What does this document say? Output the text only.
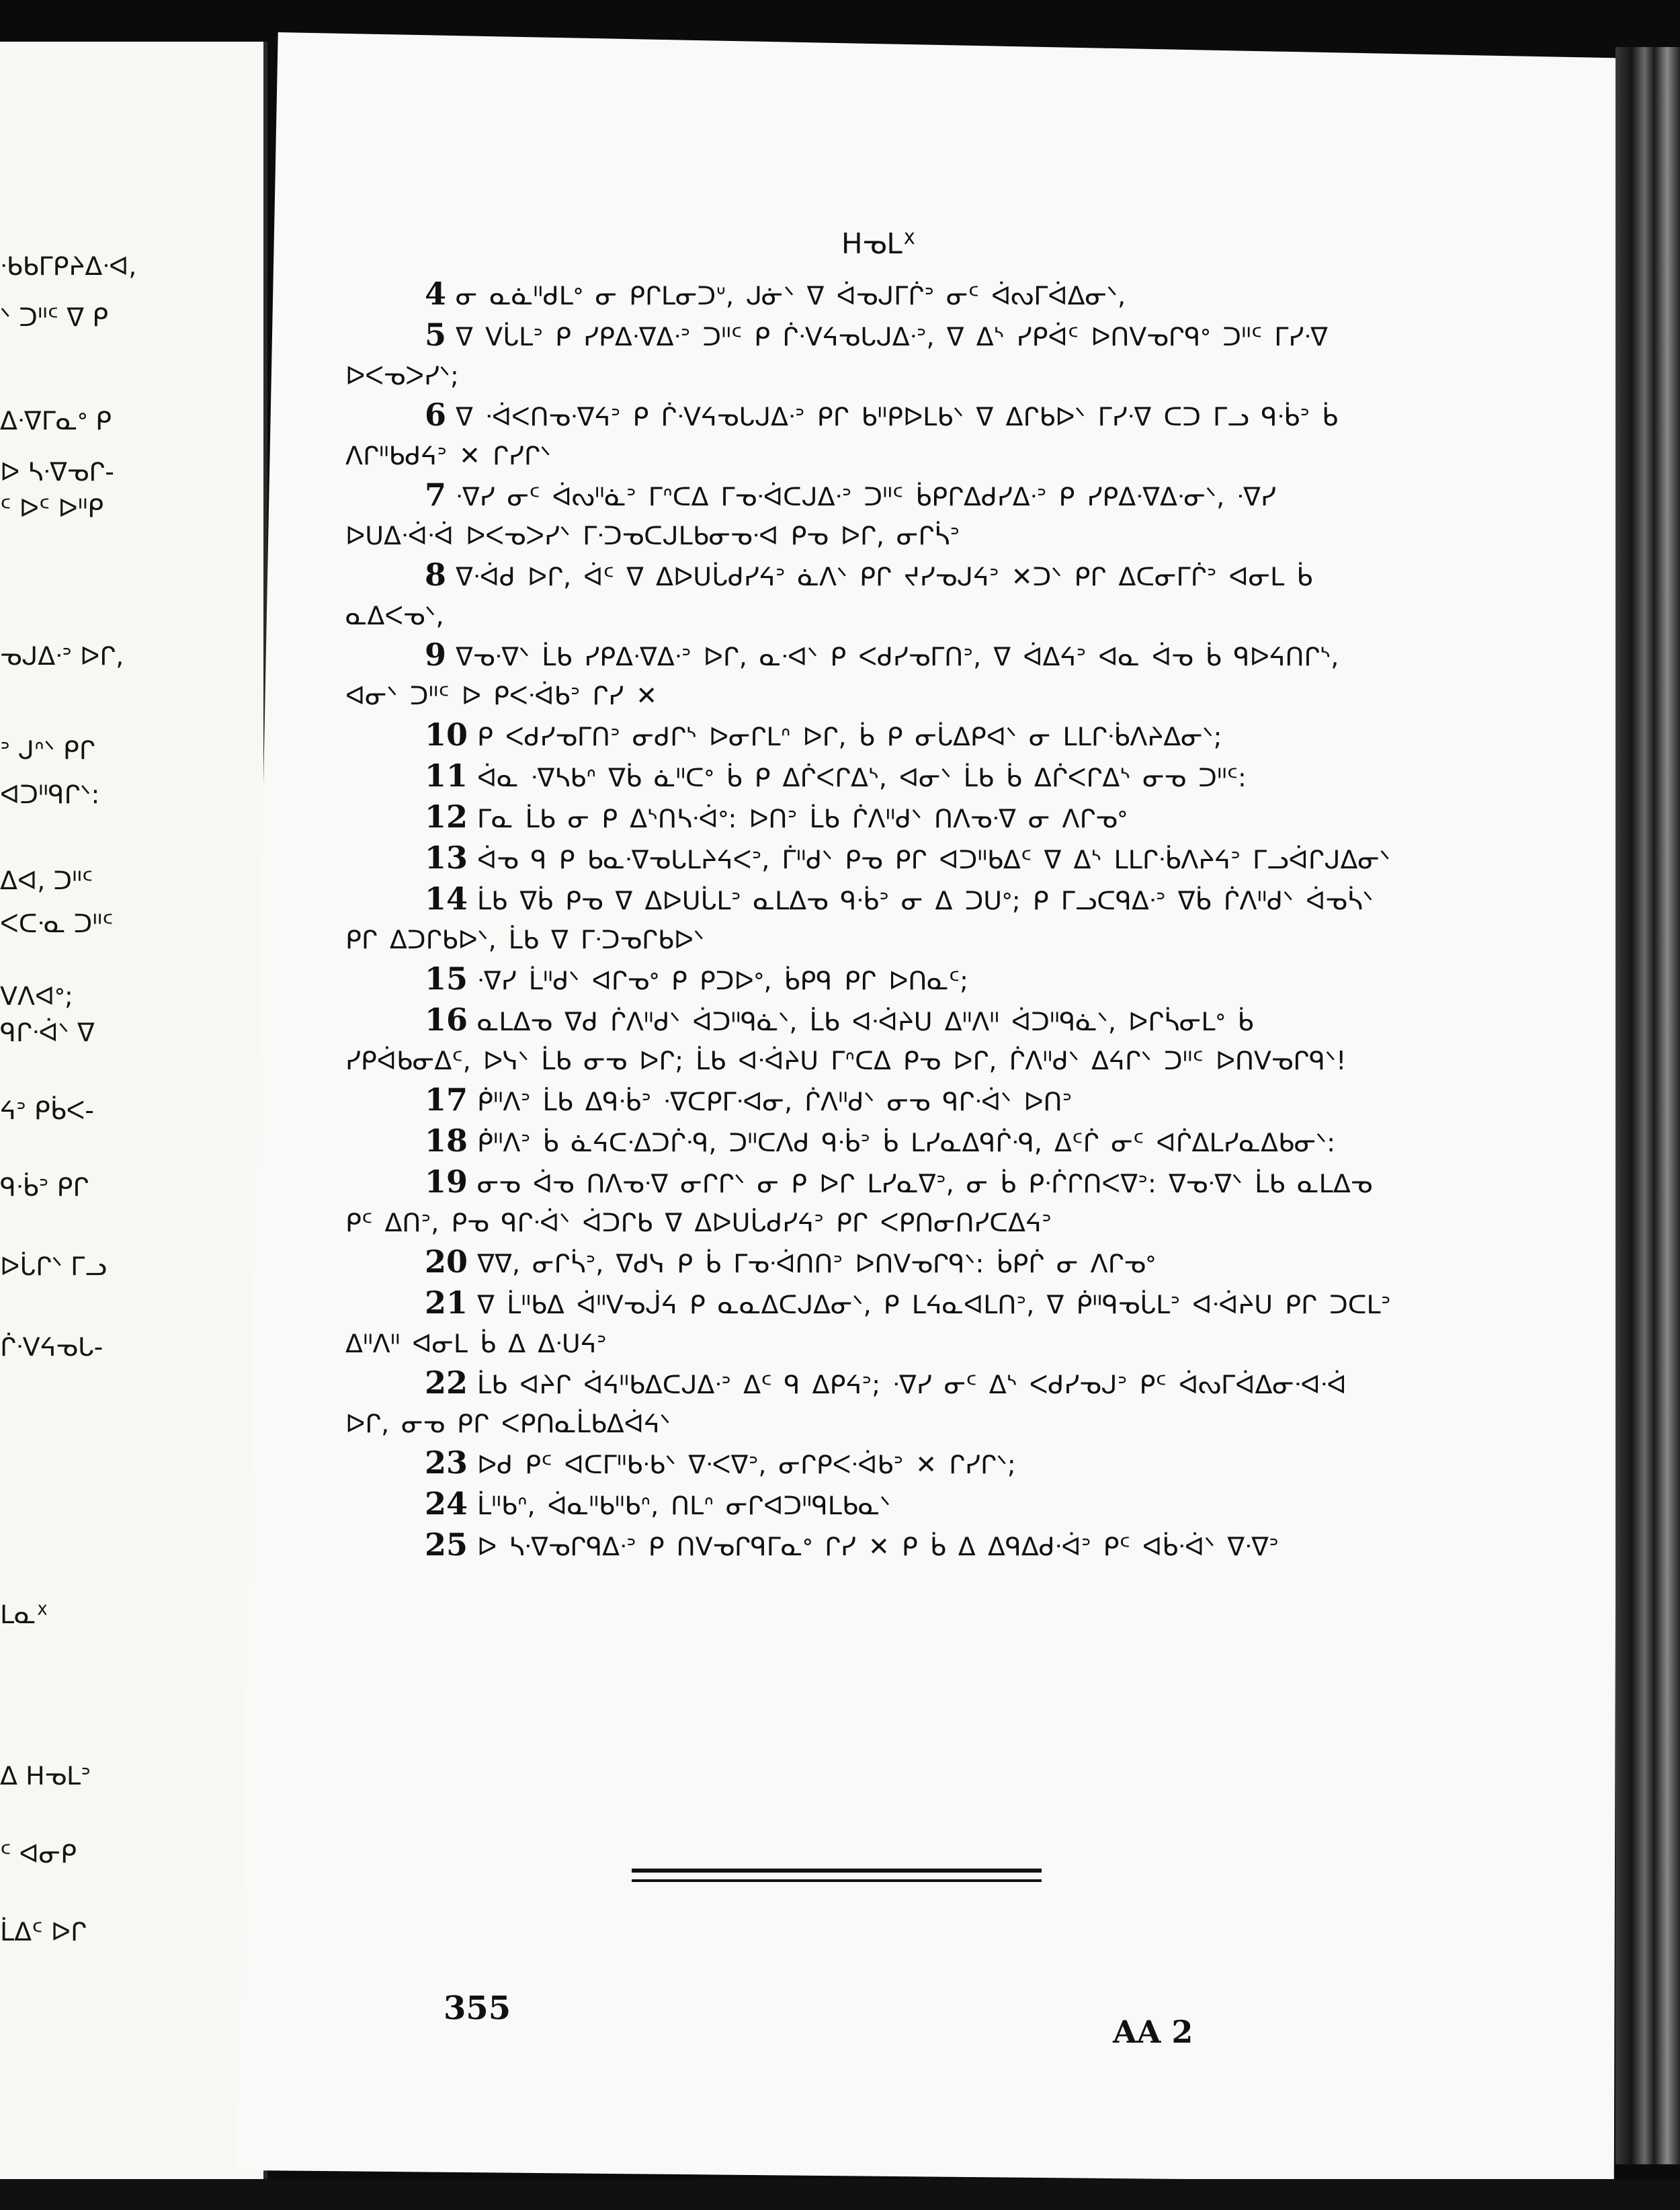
ᐧᑲᑲᒥᑭᔨᐃᐧᐊ,
ᐠ ᑐᐦᑦ ᐁ ᑭ
ᐃᐧᐁᒥᓇᐤ ᑭ
ᐅ ᓴᐧᐁᓀᒋ-
ᑦ ᐅᑦ ᐅᐦᑭ
ᓀᒍᐃᐧᐣ ᐅᒋ,
ᐣ ᒍᐢᐠ ᑭᒋ
ᐊᑐᐦᑫᒋᐠ:
ᐃᐊ, ᑐᐦᑦ
ᐸᑕᐧᓇ ᑐᐦᑦ
ᐯᐱᐊᐤ;
ᑫᒋᐧᐋᐠ ᐁ
ᔦᐣ ᑭᑳᐸ-
ᑫᐧᑳᐣ ᑭᒋ
ᐅᒑᒋᐠ ᒥᓗ
ᒌᐧᐯᔦᓀᒐ-
ᒪᓇᕽ
ᐃ ᕼᓀᒪᐣ
ᑦ ᐊᓂᑭ
ᒫᐃᑦ ᐅᒋ
ᕼᓀᒪᕽ
4 ᓂ ᓇᓈᐦᑯᒪᐤ ᓂ ᑭᒋᒪᓂᑐᐡ, ᒍᓃᐠ ᐁ ᐋᓀᒍᒥᒌᐣ ᓂᑦ ᐋᔓᒥᐋᐃᓂᐠ,
5 ᐁ ᐯᒑᒪᐣ ᑭ ᓯᑭᐃᐧᐁᐃᐧᐣ ᑐᐦᑦ ᑭ ᒌᐧᐯᔦᓀᒐᒍᐃᐧᐣ, ᐁ ᐃᔅ ᓯᑭᐋᑦ ᐅᑎᐯᓀᒋᑫᐤ ᑐᐦᑦ ᒥᓯᐧᐁ ᐅᐸᓀᐳᓯᐠ;
6 ᐁ ᐧᐋᐸᑎᓀᐧᐁᔦᐣ ᑭ ᒌᐧᐯᔦᓀᒐᒍᐃᐧᐣ ᑭᒋ ᑲᐦᑭᐅᒪᑲᐠ ᐁ ᐃᒋᑲᐅᐠ ᒥᓯᐧᐁ ᑕᑐ ᒥᓗ ᑫᐧᑳᐣ ᑳ ᐱᒋᐦᑲᑯᔦᐣ ✕ ᒋᓯᒋᐠ
7 ᐧᐁᓯ ᓂᑦ ᐋᔓᐦᓈᐣ ᒥᐢᑕᐃ ᒥᓀᐧᐋᑕᒍᐃᐧᐣ ᑐᐦᑦ ᑳᑭᒋᐃᑯᓯᐃᐧᐣ ᑭ ᓯᑭᐃᐧᐁᐃᐧᓂᐠ, ᐧᐁᓯ ᐅᑌᐃᐧᐋᐧᐋ ᐅᐸᓀᐳᓯᐠ ᒥᐧᑐᓀᑕᒍᒪᑲᓂᓀᐧᐊ ᑭᓀ ᐅᒋ, ᓂᒋᓵᐣ
8 ᐁᐧᐋᑯ ᐅᒋ, ᐋᑦ ᐁ ᐃᐅᑌᒑᑯᓯᔦᐣ ᓈᐱᐠ ᑭᒋ ᔪᓯᓀᒍᔦᐣ ✕ᑐᐠ ᑭᒋ ᐃᑕᓂᒥᒌᐣ ᐊᓂᒪ ᑳ ᓇᐃᐸᓀᐠ,
9 ᐁᓀᐧᐁᐠ ᒫᑲ ᓯᑭᐃᐧᐁᐃᐧᐣ ᐅᒋ, ᓇᐧᐊᐠ ᑭ ᐸᑯᓯᓀᒥᑎᐣ, ᐁ ᐋᐃᔦᐣ ᐊᓇ ᐋᓀ ᑳ ᑫᐅᔦᑎᒋᔅ, ᐊᓂᐠ ᑐᐦᑦ ᐅ ᑭᐸᐧᐋᑲᐣ ᒋᓯ ✕
10 ᑭ ᐸᑯᓯᓀᒥᑎᐣ ᓂᑯᒋᔅ ᐅᓂᒋᒪᐢ ᐅᒋ, ᑳ ᑭ ᓂᒑᐃᑭᐊᐠ ᓂ ᒪᒪᒋᐧᑳᐱᔨᐃᓂᐠ;
11 ᐋᓇ ᐧᐁᓴᑲᐢ ᐁᑳ ᓈᐦᑕᐤ ᑳ ᑭ ᐃᒌᐸᒋᐃᔅ, ᐊᓂᐠ ᒫᑲ ᑳ ᐃᒌᐸᒋᐃᔅ ᓂᓀ ᑐᐦᑦ:
12 ᒥᓇ ᒫᑲ ᓂ ᑭ ᐃᔅᑎᓴᐧᐋᐤ: ᐅᑎᐣ ᒫᑲ ᒌᐱᐦᑯᐠ ᑎᐱᓀᐧᐁ ᓂ ᐱᒋᓀᐤ
13 ᐋᓀ ᑫ ᑭ ᑲᓇᐧᐁᓀᒐᒪᔨᔦᐸᐣ, ᒦᐦᑯᐠ ᑭᓀ ᑭᒋ ᐊᑐᐦᑲᐃᑦ ᐁ ᐃᔅ ᒪᒪᒋᐧᑳᐱᔨᔦᐣ ᒥᓗᐋᒋᒍᐃᓂᐠ
14 ᒫᑲ ᐁᑳ ᑭᓀ ᐁ ᐃᐅᑌᒑᒪᐣ ᓇᒪᐃᓀ ᑫᐧᑳᐣ ᓂ ᐃ ᑐᑌᐤ; ᑭ ᒥᓗᑕᑫᐃᐧᐣ ᐁᑳ ᒌᐱᐦᑯᐠ ᐋᓀᓵᐠ ᑭᒋ ᐃᑐᒋᑲᐅᐠ, ᒫᑲ ᐁ ᒥᐧᑐᓀᒋᑲᐅᐠ
15 ᐧᐁᓯ ᒫᐦᑯᐠ ᐊᒋᓀᐤ ᑭ ᑭᑐᐅᐤ, ᑳᑭᑫ ᑭᒋ ᐅᑎᓇᑦ;
16 ᓇᒪᐃᓀ ᐁᑯ ᒌᐱᐦᑯᐠ ᐋᑐᐦᑫᓈᐠ, ᒫᑲ ᐊᐧᐋᔨᑌ ᐃᐦᐱᐦ ᐋᑐᐦᑫᓈᐠ, ᐅᒋᓵᓂᒪᐤ ᑳ ᓯᑭᐋᑲᓂᐃᑦ, ᐅᓭᐠ ᒫᑲ ᓂᓀ ᐅᒋ; ᒫᑲ ᐊᐧᐋᔨᑌ ᒥᐢᑕᐃ ᑭᓀ ᐅᒋ, ᒌᐱᐦᑯᐠ ᐃᔦᒋᐠ ᑐᐦᑦ ᐅᑎᐯᓀᒋᑫᐠ!
17 ᑮᐦᐱᐣ ᒫᑲ ᐃᑫᐧᑳᐣ ᐧᐁᑕᑭᒥᐧᐊᓂ, ᒌᐱᐦᑯᐠ ᓂᓀ ᑫᒋᐧᐋᐠ ᐅᑎᐣ
18 ᑮᐦᐱᐣ ᑳ ᓈᔦᑕᐧᐃᑐᒌᐧᑫ, ᑐᐦᑕᐱᑯ ᑫᐧᑳᐣ ᑳ ᒪᓯᓇᐃᑫᒌᐧᑫ, ᐃᑦᒌ ᓂᑦ ᐊᒌᐃᒪᓯᓇᐃᑲᓂᐠ:
19 ᓂᓀ ᐋᓀ ᑎᐱᓀᐧᐁ ᓂᒋᒋᐠ ᓂ ᑭ ᐅᒋ ᒪᓯᓇᐁᐣ, ᓂ ᑳ ᑭᐧᒌᒋᑎᐸᐁᐣ: ᐁᓀᐧᐁᐠ ᒫᑲ ᓇᒪᐃᓀ ᑭᑦ ᐃᑎᐣ, ᑭᓀ ᑫᒋᐧᐋᐠ ᐋᑐᒋᑲ ᐁ ᐃᐅᑌᒑᑯᓯᔦᐣ ᑭᒋ ᐸᑭᑎᓂᑎᓯᑕᐃᔦᐣ
20 ᐁᐁ, ᓂᒋᓵᐣ, ᐁᑯᓭ ᑭ ᑳ ᒥᓀᐧᐋᑎᑎᐣ ᐅᑎᐯᓀᒋᑫᐠ: ᑳᑭᒌ ᓂ ᐱᒋᓀᐤ
21 ᐁ ᒫᐦᑲᐃ ᐋᐦᐯᓀᒎᔦ ᑭ ᓇᓇᐃᑕᒍᐃᓂᐠ, ᑭ ᒪᔦᓇᐊᒪᑎᐣ, ᐁ ᑮᐦᑫᓀᒑᒪᐣ ᐊᐧᐋᔨᑌ ᑭᒋ ᑐᑕᒪᐣ ᐃᐦᐱᐦ ᐊᓂᒪ ᑳ ᐃ ᐃᐧᑌᔦᐣ
22 ᒫᑲ ᐊᔨᒋ ᐋᔦᐦᑲᐃᑕᒍᐃᐧᐣ ᐃᑦ ᑫ ᐃᑭᔦᐣ; ᐧᐁᓯ ᓂᑦ ᐃᔅ ᐸᑯᓯᓀᒍᐣ ᑭᑦ ᐋᔓᒥᐋᐃᓂᐧᐊᐧᐋ ᐅᒋ, ᓂᓀ ᑭᒋ ᐸᑭᑎᓇᒫᑲᐃᐋᔦᐠ
23 ᐅᑯ ᑭᑦ ᐊᑕᒥᐦᑲᐧᑲᐠ ᐁᐧᐸᐁᐣ, ᓂᒋᑭᐸᐧᐋᑲᐣ ✕ ᒋᓯᒋᐠ;
24 ᒫᐦᑲᐢ, ᐋᓇᐦᑲᐦᑲᐢ, ᑎᒪᐢ ᓂᒋᐊᑐᐦᑫᒪᑲᓇᐠ
25 ᐅ ᓴᐧᐁᓀᒋᑫᐃᐧᐣ ᑭ ᑎᐯᓀᒋᑫᒥᓇᐤ ᒋᓯ ✕ ᑭ ᑳ ᐃ ᐃᑫᐃᑯᐧᐋᐣ ᑭᑦ ᐊᑳᐧᐋᐠ ᐁᐧᐁᐣ
355
AA 2
